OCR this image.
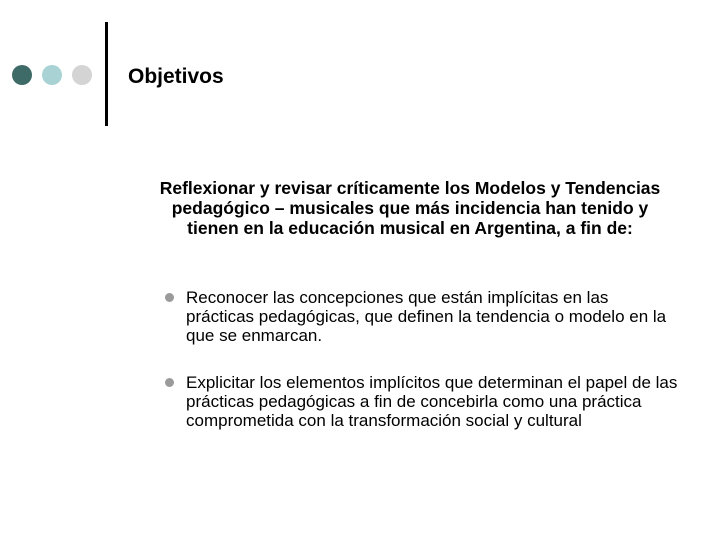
Objetivos
Reflexionar y revisar críticamente los Modelos y Tendencias pedagógico – musicales que más incidencia han tenido y tienen en la educación musical en Argentina, a fin de:
Reconocer las concepciones que están implícitas en las prácticas pedagógicas, que definen la tendencia o modelo en la que se enmarcan.
Explicitar los elementos implícitos que determinan el papel de las prácticas pedagógicas a fin de concebirla como una práctica comprometida con la transformación social y cultural
